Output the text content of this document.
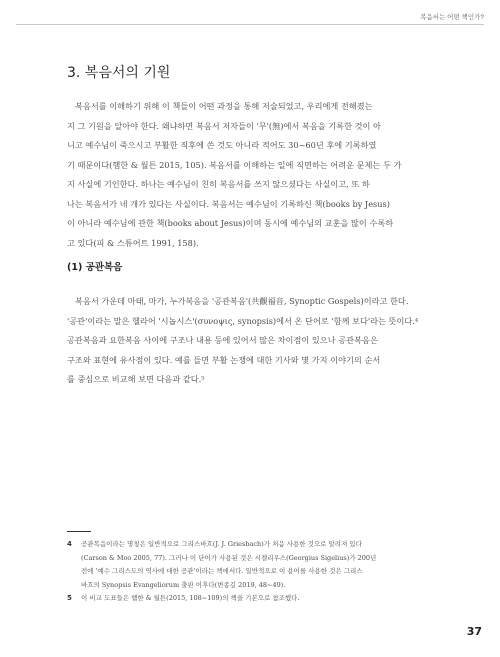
복음서는 어떤 책인가?
3. 복음서의 기원

복음서를 이해하기 위해 이 책들이 어떤 과정을 통해 저술되었고, 우리에게 전해졌는
지 그 기원을 알아야 한다. 왜냐하면 복음서 저자들이 '무'(無)에서 복음을 기록한 것이 아
니고 예수님이 죽으시고 부활한 직후에 쓴 것도 아니라 적어도 30~60년 후에 기록하였
기 때문이다(햄한 & 월튼 2015, 105). 복음서를 이해하는 일에 직면하는 어려운 문제는 두 가
지 사실에 기인한다. 하나는 예수님이 친히 복음서를 쓰지 않으셨다는 사실이고, 또 하
나는 복음서가 네 개가 있다는 사실이다. 복음서는 예수님이 기록하신 책(books by Jesus)
이 아니라 예수님에 관한 책(books about Jesus)이며 동시에 예수님의 교훈을 많이 수록하
고 있다(피 & 스튜어트 1991, 158).

(1) 공관복음

복음서 가운데 마태, 마가, 누가복음을 '공관복음'(共觀福音, Synoptic Gospels)이라고 한다.
'공관'이라는 말은 헬라어 '시놉시스'(συνοψις, synopsis)에서 온 단어로 '함께 보다'라는 뜻이다.⁴
공관복음과 요한복음 사이에 구조나 내용 등에 있어서 많은 차이점이 있으나 공관복음은
구조와 표현에 유사점이 있다. 예를 들면 부활 논쟁에 대한 기사와 몇 가지 이야기의 순서
를 중심으로 비교해 보면 다음과 같다.⁵

4 공관복음이라는 명칭은 일반적으로 그리스바흐(J. J. Griesbach)가 처음 사용한 것으로 알려져 있다
(Carson & Moo 2005, 77). 그러나 이 단어가 사용된 것은 시겔리우스(Georgius Sigelius)가 200년
전에 '예수 그리스도의 역사에 대한 공관'이라는 책에서다. 일반적으로 이 용어를 사용한 것은 그리스
바흐의 Synopsis Evangeliorum 출판 이후다(변종길 2019, 48~49).
5 이 비교 도표들은 햄한 & 월튼(2015, 108~109)의 책을 기본으로 참조했다.
37
